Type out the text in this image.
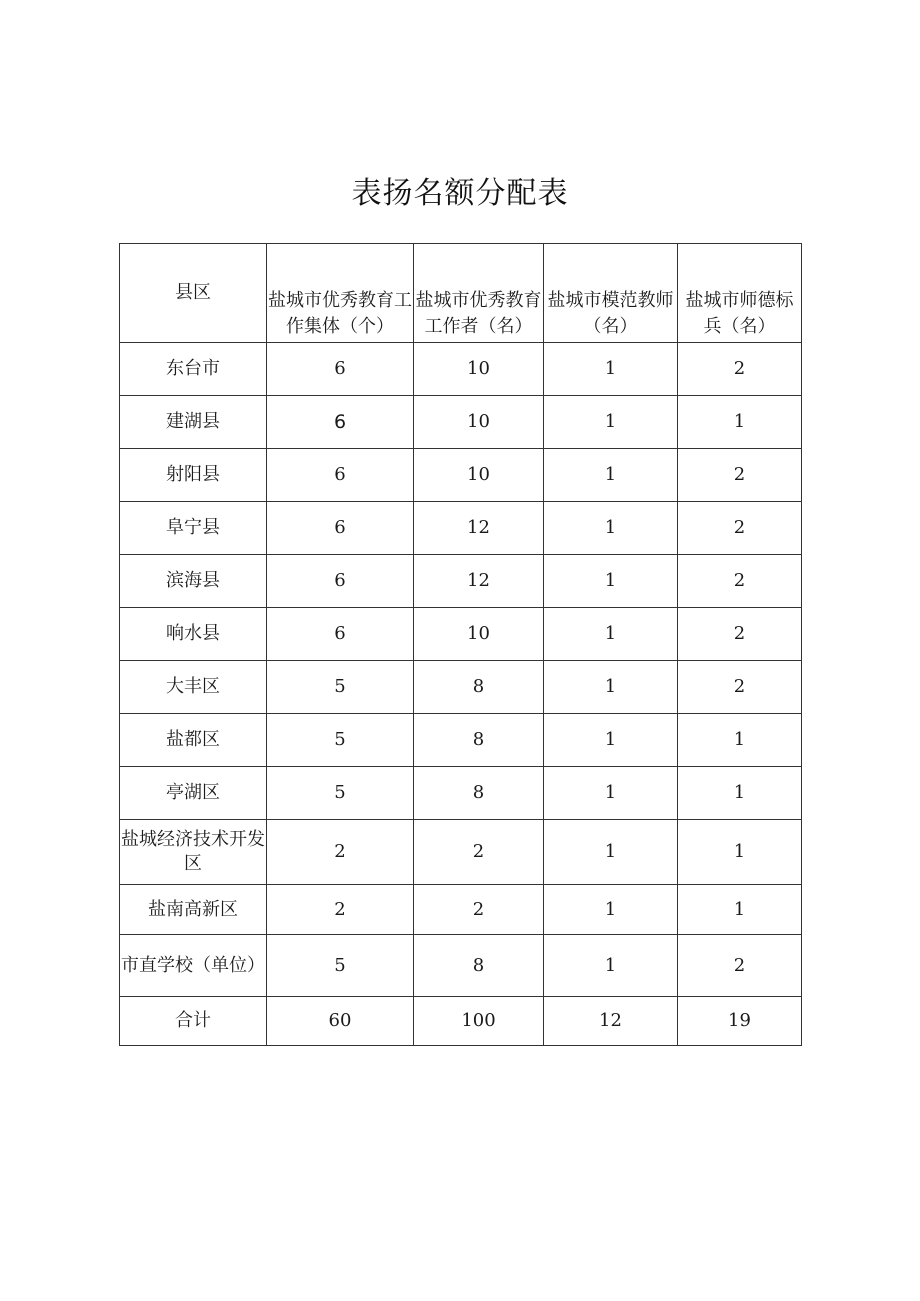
表扬名额分配表
县区	盐城市优秀教育工作集体（个）	盐城市优秀教育工作者（名）	盐城市模范教师（名）	盐城市师德标兵（名）
东台市	6	10	1	2
建湖县	6	10	1	1
射阳县	6	10	1	2
阜宁县	6	12	1	2
滨海县	6	12	1	2
响水县	6	10	1	2
大丰区	5	8	1	2
盐都区	5	8	1	1
亭湖区	5	8	1	1
盐城经济技术开发区	2	2	1	1
盐南高新区	2	2	1	1
市直学校（单位）	5	8	1	2
合计	60	100	12	19
